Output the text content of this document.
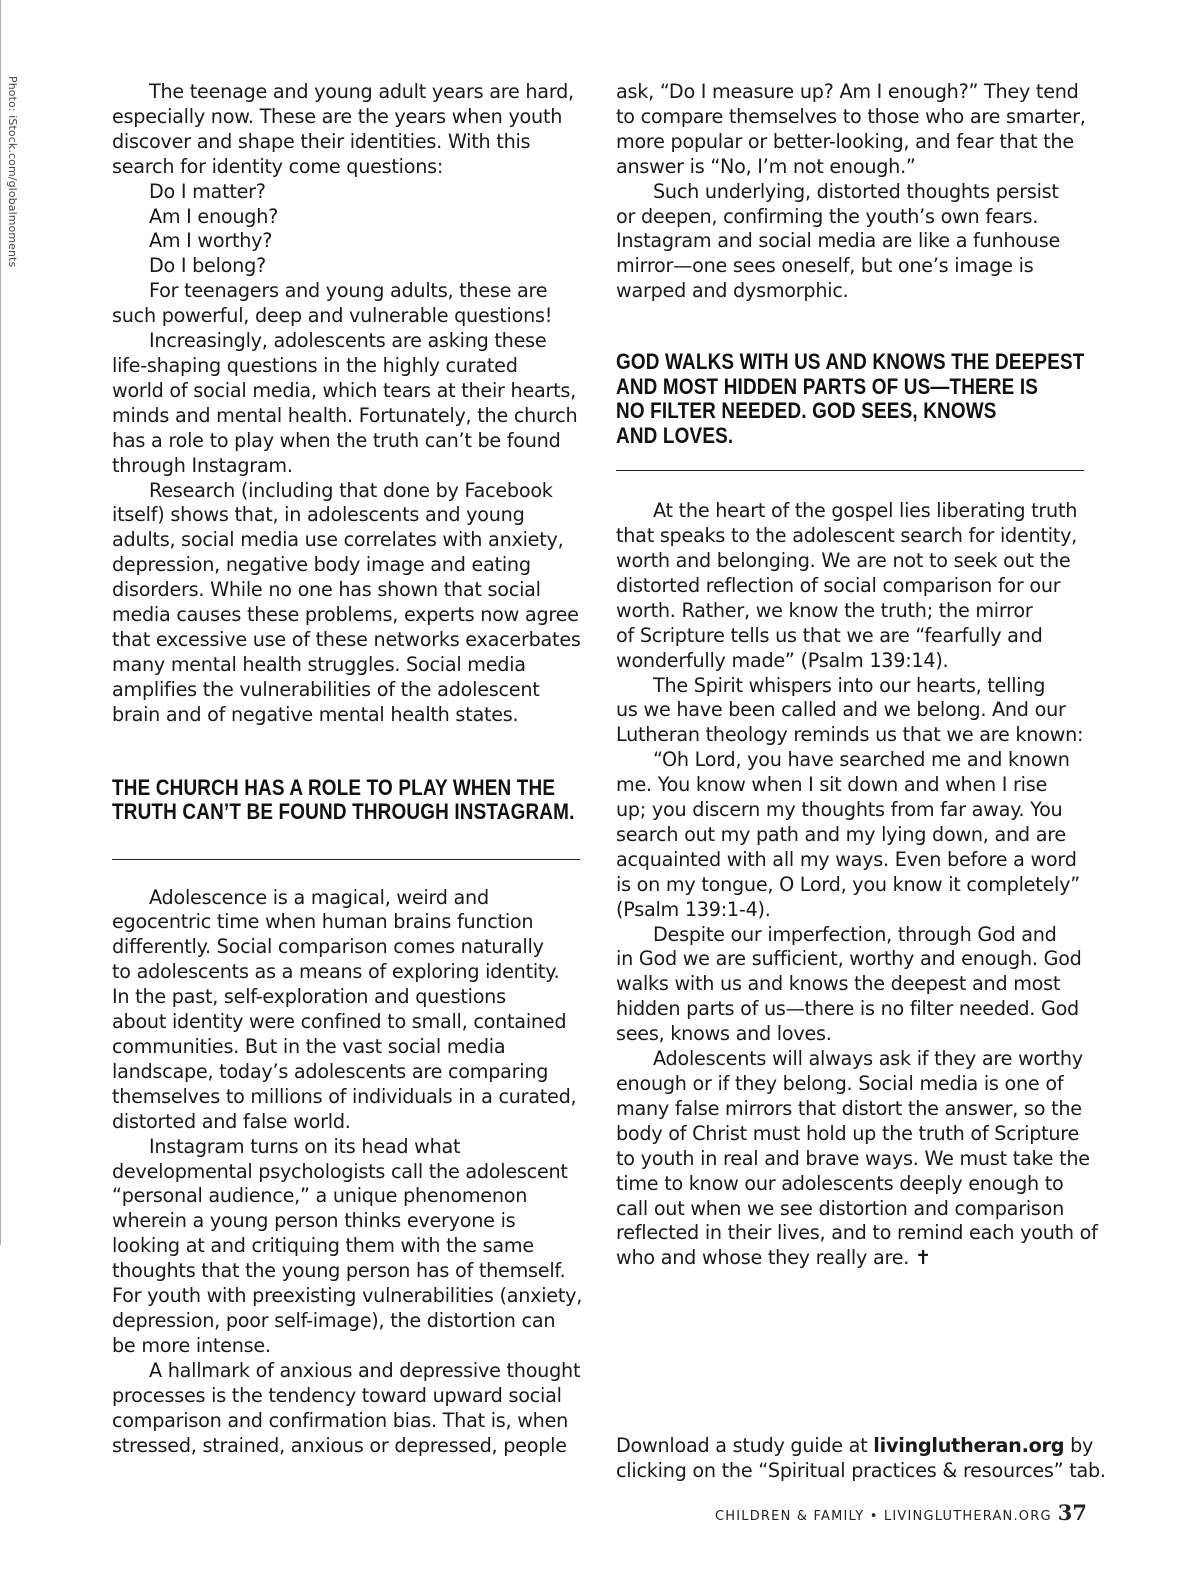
Photo: iStock.com/globalmoments	The teenage and young adult years are hard,
especially now. These are the years when youth
discover and shape their identities. With this
search for identity come questions:
Do I matter?
Am I enough?
Am I worthy?
Do I belong?
For teenagers and young adults, these are
such powerful, deep and vulnerable questions!
Increasingly, adolescents are asking these
life-shaping questions in the highly curated
world of social media, which tears at their hearts,
minds and mental health. Fortunately, the church
has a role to play when the truth can’t be found
through Instagram.
Research (including that done by Facebook
itself) shows that, in adolescents and young
adults, social media use correlates with anxiety,
depression, negative body image and eating
disorders. While no one has shown that social
media causes these problems, experts now agree
that excessive use of these networks exacerbates
many mental health struggles. Social media
amplifies the vulnerabilities of the adolescent
brain and of negative mental health states.
THE CHURCH HAS A ROLE TO PLAY WHEN THE
TRUTH CAN’T BE FOUND THROUGH INSTAGRAM.
Adolescence is a magical, weird and
egocentric time when human brains function
differently. Social comparison comes naturally
to adolescents as a means of exploring identity.
In the past, self-exploration and questions
about identity were confined to small, contained
communities. But in the vast social media
landscape, today’s adolescents are comparing
themselves to millions of individuals in a curated,
distorted and false world.
Instagram turns on its head what
developmental psychologists call the adolescent
“personal audience,” a unique phenomenon
wherein a young person thinks everyone is
looking at and critiquing them with the same
thoughts that the young person has of themself.
For youth with preexisting vulnerabilities (anxiety,
depression, poor self-image), the distortion can
be more intense.
A hallmark of anxious and depressive thought
processes is the tendency toward upward social
comparison and confirmation bias. That is, when
stressed, strained, anxious or depressed, people
ask, “Do I measure up? Am I enough?” They tend
to compare themselves to those who are smarter,
more popular or better-looking, and fear that the
answer is “No, I’m not enough.”
Such underlying, distorted thoughts persist
or deepen, confirming the youth’s own fears.
Instagram and social media are like a funhouse
mirror—one sees oneself, but one’s image is
warped and dysmorphic.
GOD WALKS WITH US AND KNOWS THE DEEPEST
AND MOST HIDDEN PARTS OF US—THERE IS
NO FILTER NEEDED. GOD SEES, KNOWS
AND LOVES.
At the heart of the gospel lies liberating truth
that speaks to the adolescent search for identity,
worth and belonging. We are not to seek out the
distorted reflection of social comparison for our
worth. Rather, we know the truth; the mirror
of Scripture tells us that we are “fearfully and
wonderfully made” (Psalm 139:14).
The Spirit whispers into our hearts, telling
us we have been called and we belong. And our
Lutheran theology reminds us that we are known:
“Oh Lord, you have searched me and known
me. You know when I sit down and when I rise
up; you discern my thoughts from far away. You
search out my path and my lying down, and are
acquainted with all my ways. Even before a word
is on my tongue, O Lord, you know it completely”
(Psalm 139:1-4).
Despite our imperfection, through God and
in God we are sufficient, worthy and enough. God
walks with us and knows the deepest and most
hidden parts of us—there is no filter needed. God
sees, knows and loves.
Adolescents will always ask if they are worthy
enough or if they belong. Social media is one of
many false mirrors that distort the answer, so the
body of Christ must hold up the truth of Scripture
to youth in real and brave ways. We must take the
time to know our adolescents deeply enough to
call out when we see distortion and comparison
reflected in their lives, and to remind each youth of
who and whose they really are. ✝
Download a study guide at livinglutheran.org by
clicking on the “Spiritual practices & resources” tab.
CHILDREN & FAMILY • LIVINGLUTHERAN.ORG 37
